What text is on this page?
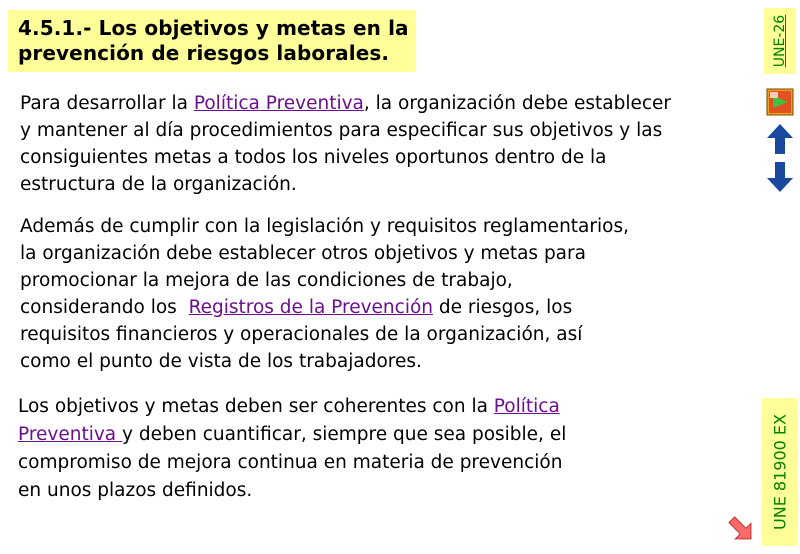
4.5.1.- Los objetivos y metas en la
prevención de riesgos laborales.
Para desarrollar la Política Preventiva, la organización debe establecer
y mantener al día procedimientos para especificar sus objetivos y las
consiguientes metas a todos los niveles oportunos dentro de la
estructura de la organización.
Además de cumplir con la legislación y requisitos reglamentarios,
la organización debe establecer otros objetivos y metas para
promocionar la mejora de las condiciones de trabajo,
considerando los  Registros de la Prevención de riesgos, los
requisitos financieros y operacionales de la organización, así
como el punto de vista de los trabajadores.
Los objetivos y metas deben ser coherentes con la Política
Preventiva y deben cuantificar, siempre que sea posible, el
compromiso de mejora continua en materia de prevención
en unos plazos definidos.
UNE-26
UNE 81900 EX
